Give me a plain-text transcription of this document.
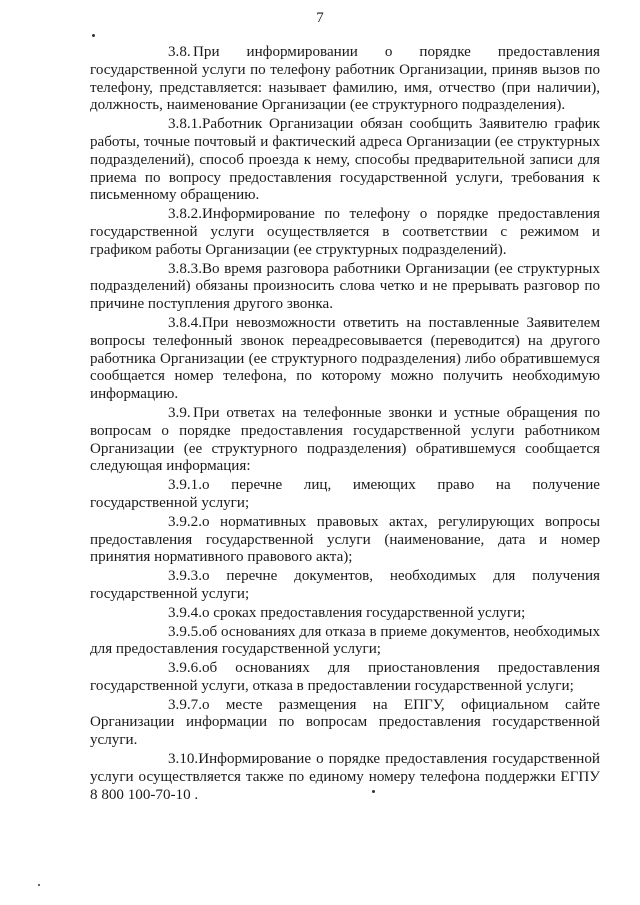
7

3.8. При информировании о порядке предоставления государственной услуги по телефону работник Организации, приняв вызов по телефону, представляется: называет фамилию, имя, отчество (при наличии), должность, наименование Организации (ее структурного подразделения).

3.8.1.Работник Организации обязан сообщить Заявителю график работы, точные почтовый и фактический адреса Организации (ее структурных подразделений), способ проезда к нему, способы предварительной записи для приема по вопросу предоставления государственной услуги, требования к письменному обращению.

3.8.2.Информирование по телефону о порядке предоставления государственной услуги осуществляется в соответствии с режимом и графиком работы Организации (ее структурных подразделений).

3.8.3.Во время разговора работники Организации (ее структурных подразделений) обязаны произносить слова четко и не прерывать разговор по причине поступления другого звонка.

3.8.4.При невозможности ответить на поставленные Заявителем вопросы телефонный звонок переадресовывается (переводится) на другого работника Организации (ее структурного подразделения) либо обратившемуся сообщается номер телефона, по которому можно получить необходимую информацию.

3.9. При ответах на телефонные звонки и устные обращения по вопросам о порядке предоставления государственной услуги работником Организации (ее структурного подразделения) обратившемуся сообщается следующая информация:

3.9.1.о перечне лиц, имеющих право на получение государственной услуги;

3.9.2.о нормативных правовых актах, регулирующих вопросы предоставления государственной услуги (наименование, дата и номер принятия нормативного правового акта);

3.9.3.о перечне документов, необходимых для получения государственной услуги;

3.9.4.о сроках предоставления государственной услуги;

3.9.5.об основаниях для отказа в приеме документов, необходимых для предоставления государственной услуги;

3.9.6.об основаниях для приостановления предоставления государственной услуги, отказа в предоставлении государственной услуги;

3.9.7.о месте размещения на ЕПГУ, официальном сайте Организации информации по вопросам предоставления государственной услуги.

3.10.Информирование о порядке предоставления государственной услуги осуществляется также по единому номеру телефона поддержки ЕГПУ 8 800 100-70-10 .
